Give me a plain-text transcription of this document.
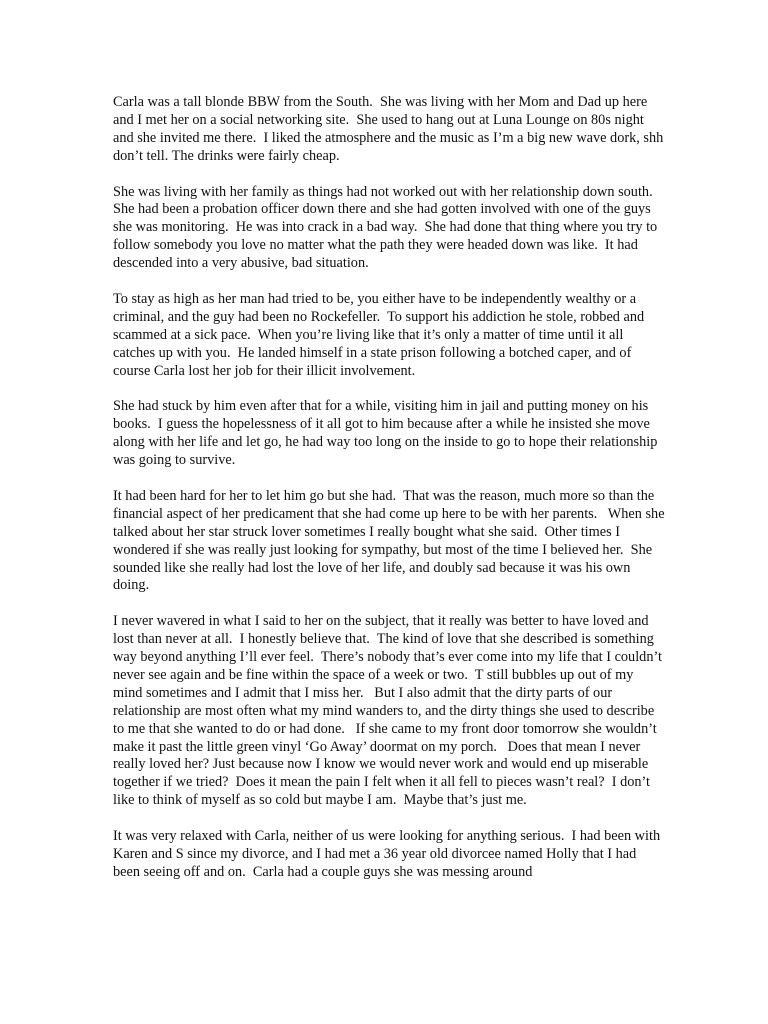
Carla was a tall blonde BBW from the South.  She was living with her Mom and Dad up here and I met her on a social networking site.  She used to hang out at Luna Lounge on 80s night and she invited me there.  I liked the atmosphere and the music as I’m a big new wave dork, shh don’t tell. The drinks were fairly cheap.

She was living with her family as things had not worked out with her relationship down south.  She had been a probation officer down there and she had gotten involved with one of the guys she was monitoring.  He was into crack in a bad way.  She had done that thing where you try to follow somebody you love no matter what the path they were headed down was like.  It had descended into a very abusive, bad situation.

To stay as high as her man had tried to be, you either have to be independently wealthy or a criminal, and the guy had been no Rockefeller.  To support his addiction he stole, robbed and scammed at a sick pace.  When you’re living like that it’s only a matter of time until it all catches up with you.  He landed himself in a state prison following a botched caper, and of course Carla lost her job for their illicit involvement.

She had stuck by him even after that for a while, visiting him in jail and putting money on his books.  I guess the hopelessness of it all got to him because after a while he insisted she move along with her life and let go, he had way too long on the inside to go to hope their relationship was going to survive.

It had been hard for her to let him go but she had.  That was the reason, much more so than the financial aspect of her predicament that she had come up here to be with her parents.   When she talked about her star struck lover sometimes I really bought what she said.  Other times I wondered if she was really just looking for sympathy, but most of the time I believed her.  She sounded like she really had lost the love of her life, and doubly sad because it was his own doing.

I never wavered in what I said to her on the subject, that it really was better to have loved and lost than never at all.  I honestly believe that.  The kind of love that she described is something way beyond anything I’ll ever feel.  There’s nobody that’s ever come into my life that I couldn’t never see again and be fine within the space of a week or two.  T still bubbles up out of my mind sometimes and I admit that I miss her.   But I also admit that the dirty parts of our relationship are most often what my mind wanders to, and the dirty things she used to describe to me that she wanted to do or had done.   If she came to my front door tomorrow she wouldn’t make it past the little green vinyl ‘Go Away’ doormat on my porch.   Does that mean I never really loved her? Just because now I know we would never work and would end up miserable together if we tried?  Does it mean the pain I felt when it all fell to pieces wasn’t real?  I don’t like to think of myself as so cold but maybe I am.  Maybe that’s just me.

It was very relaxed with Carla, neither of us were looking for anything serious.  I had been with Karen and S since my divorce, and I had met a 36 year old divorcee named Holly that I had been seeing off and on.  Carla had a couple guys she was messing around
